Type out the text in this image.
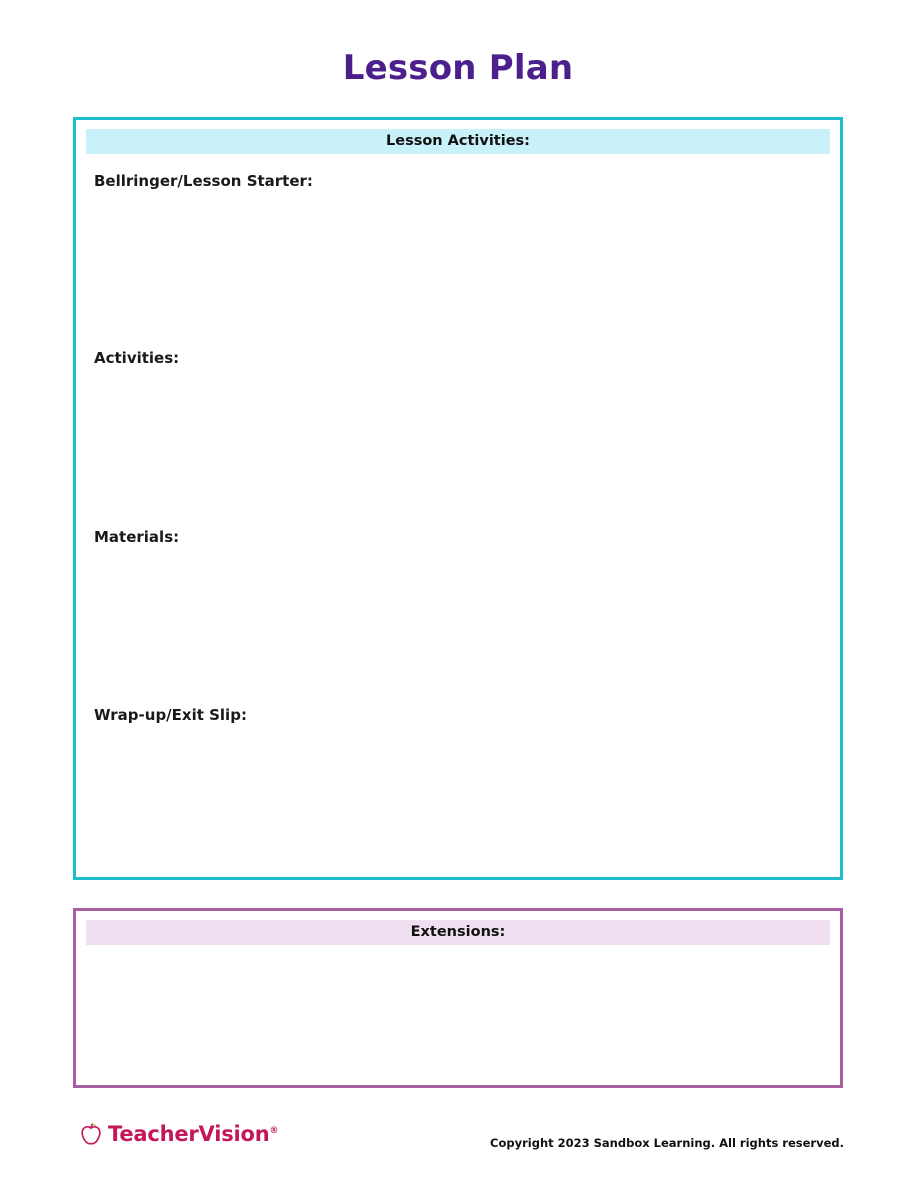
Lesson Plan
Lesson Activities:
Bellringer/Lesson Starter:
Activities:
Materials:
Wrap-up/Exit Slip:
Extensions:
TeacherVision®
Copyright 2023 Sandbox Learning. All rights reserved.
